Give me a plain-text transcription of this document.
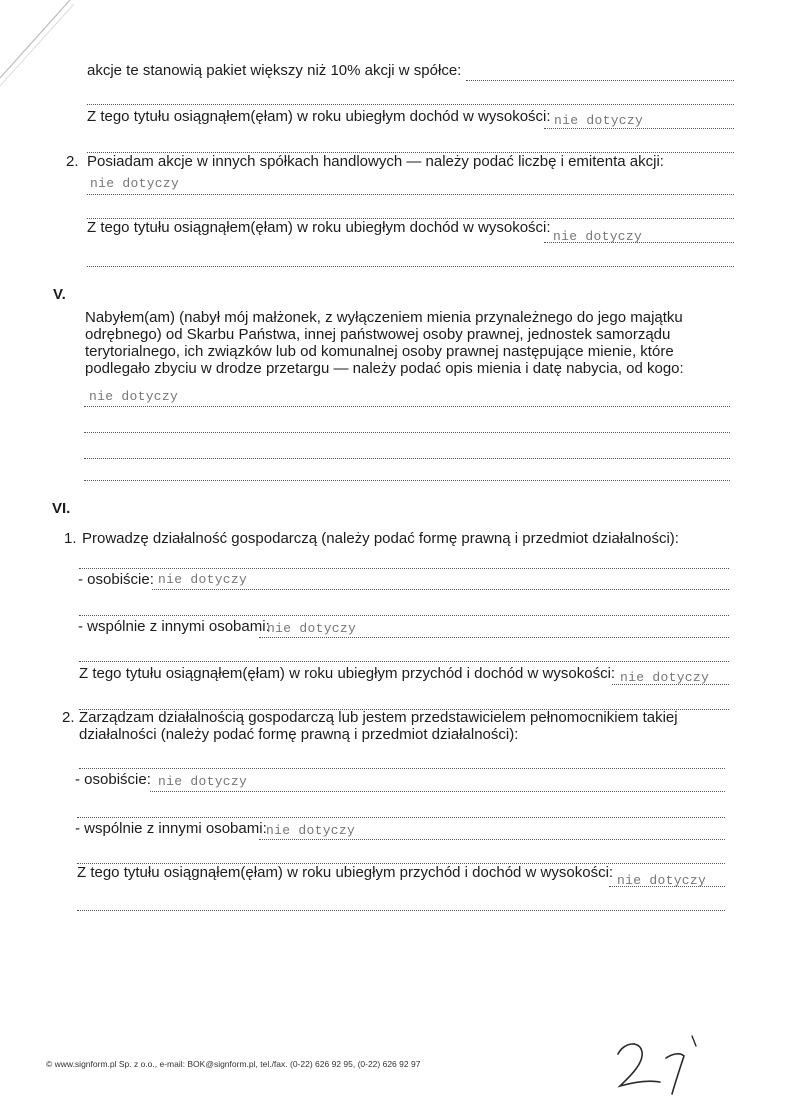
akcje te stanowią pakiet większy niż 10% akcji w spółce:
Z tego tytułu osiągnąłem(ęłam) w roku ubiegłym dochód w wysokości: nie dotyczy
2. Posiadam akcje w innych spółkach handlowych — należy podać liczbę i emitenta akcji:
nie dotyczy
Z tego tytułu osiągnąłem(ęłam) w roku ubiegłym dochód w wysokości:
nie dotyczy
V.
Nabyłem(am) (nabył mój małżonek, z wyłączeniem mienia przynależnego do jego majątku
odrębnego) od Skarbu Państwa, innej państwowej osoby prawnej, jednostek samorządu
terytorialnego, ich związków lub od komunalnej osoby prawnej następujące mienie, które
podlegało zbyciu w drodze przetargu — należy podać opis mienia i datę nabycia, od kogo:
nie dotyczy
VI.
1. Prowadzę działalność gospodarczą (należy podać formę prawną i przedmiot działalności):
- osobiście: nie dotyczy
- wspólnie z innymi osobami:
nie dotyczy
Z tego tytułu osiągnąłem(ęłam) w roku ubiegłym przychód i dochód w wysokości: nie dotyczy
2. Zarządzam działalnością gospodarczą lub jestem przedstawicielem pełnomocnikiem takiej
działalności (należy podać formę prawną i przedmiot działalności):
- osobiście: nie dotyczy
- wspólnie z innymi osobami: nie dotyczy
Z tego tytułu osiągnąłem(ęłam) w roku ubiegłym przychód i dochód w wysokości: nie dotyczy
© www.signform.pl Sp. z o.o., e-mail: BOK@signform.pl, tel./fax. (0-22) 626 92 95, (0-22) 626 92 97
